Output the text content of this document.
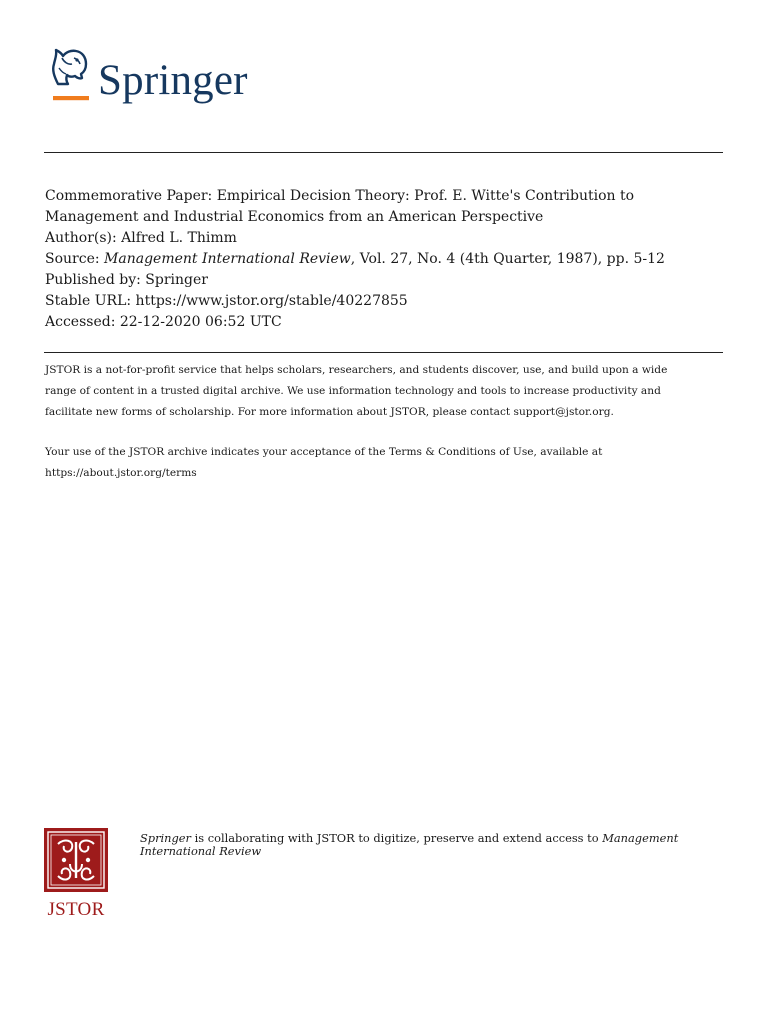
Springer
Commemorative Paper: Empirical Decision Theory: Prof. E. Witte's Contribution to
Management and Industrial Economics from an American Perspective
Author(s): Alfred L. Thimm
Source: Management International Review, Vol. 27, No. 4 (4th Quarter, 1987), pp. 5-12
Published by: Springer
Stable URL: https://www.jstor.org/stable/40227855
Accessed: 22-12-2020 06:52 UTC

JSTOR is a not-for-profit service that helps scholars, researchers, and students discover, use, and build upon a wide

range of content in a trusted digital archive. We use information technology and tools to increase productivity and

facilitate new forms of scholarship. For more information about JSTOR, please contact support@jstor.org.

Your use of the JSTOR archive indicates your acceptance of the Terms & Conditions of Use, available at

https://about.jstor.org/terms

JSTOR
Springer is collaborating with JSTOR to digitize, preserve and extend access to Management
International Review
